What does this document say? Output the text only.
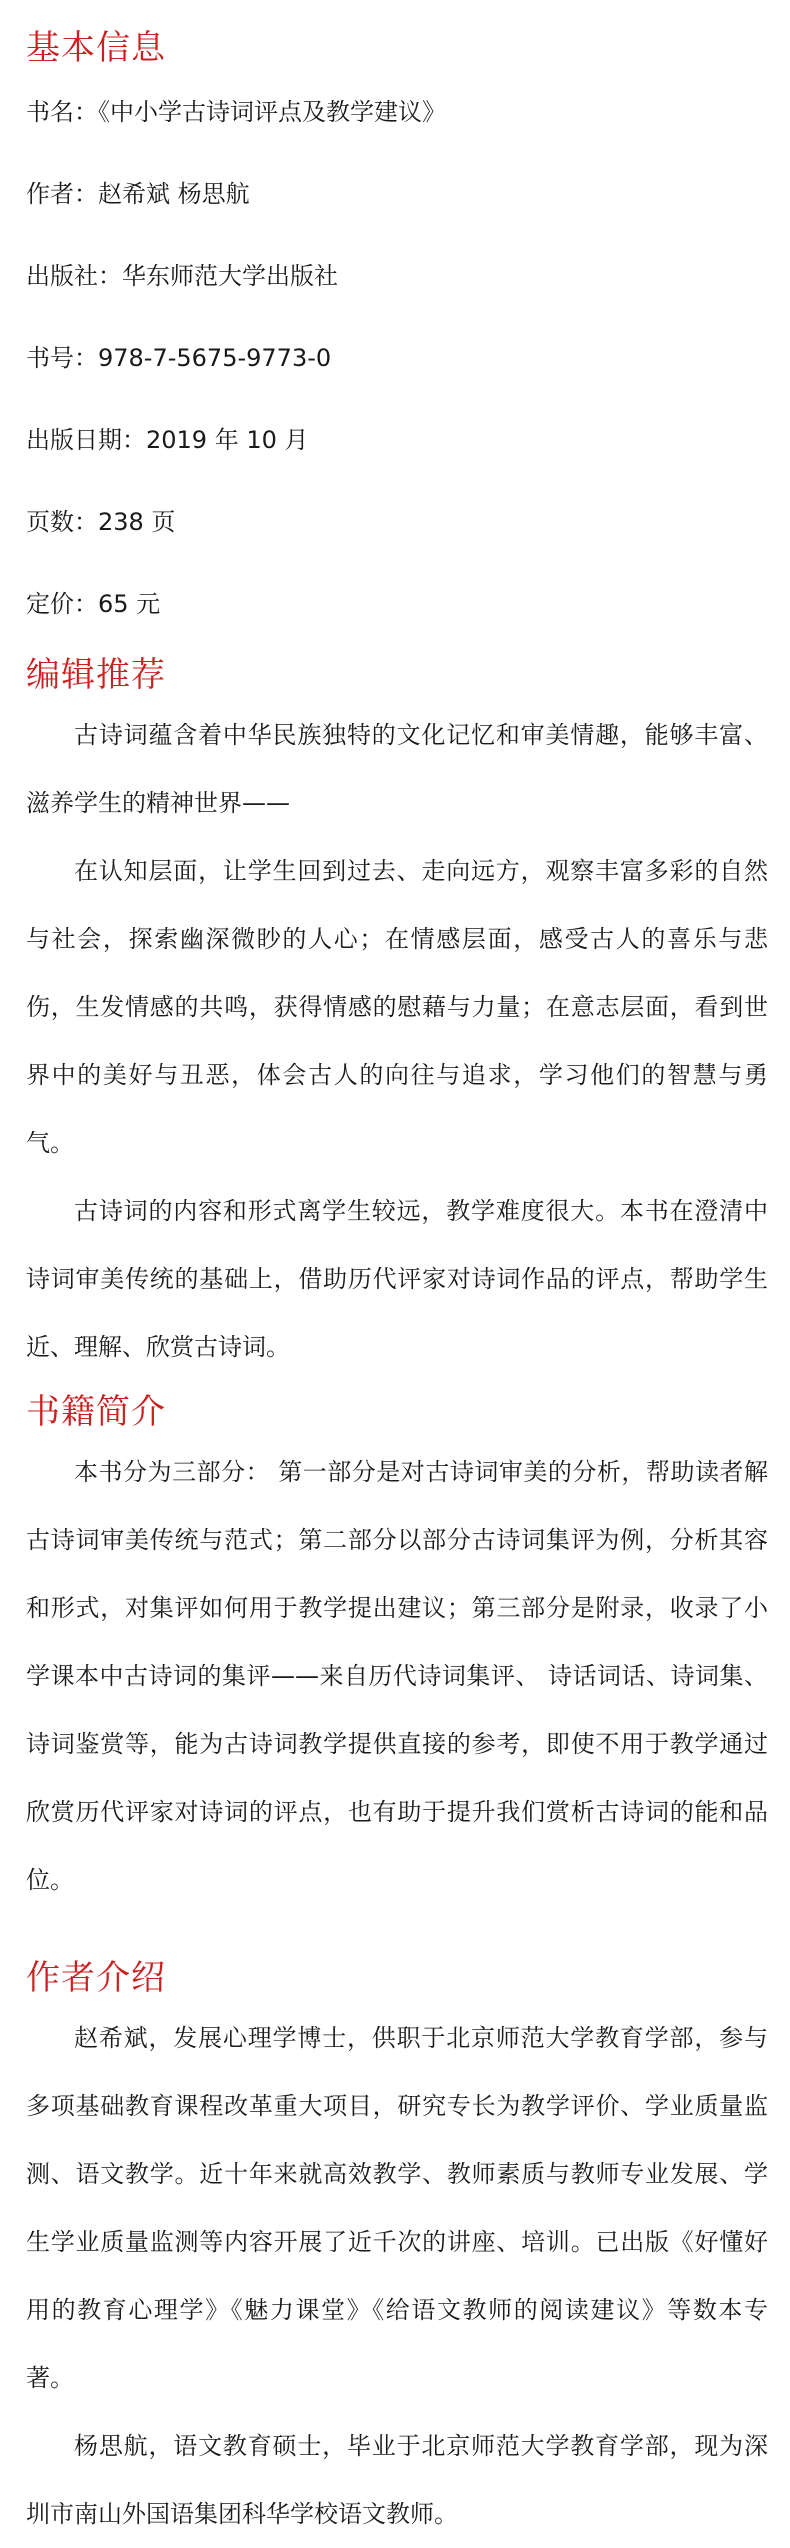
基本信息

书名：《中小学古诗词评点及教学建议》

作者：赵希斌 杨思航

出版社：华东师范大学出版社

书号：978-7-5675-9773-0

出版日期：2019 年 10 月

页数：238 页

定价：65 元

编辑推荐

古诗词蕴含着中华民族独特的文化记忆和审美情趣，能够丰富、滋养学生的精神世界——

在认知层面，让学生回到过去、走向远方，观察丰富多彩的自然与社会，探索幽深微眇的人心；在情感层面，感受古人的喜乐与悲伤，生发情感的共鸣，获得情感的慰藉与力量；在意志层面，看到世界中的美好与丑恶，体会古人的向往与追求，学习他们的智慧与勇气。

古诗词的内容和形式离学生较远，教学难度很大。本书在澄清中诗词审美传统的基础上，借助历代评家对诗词作品的评点，帮助学生近、理解、欣赏古诗词。

书籍简介

本书分为三部分： 第一部分是对古诗词审美的分析，帮助读者解古诗词审美传统与范式；第二部分以部分古诗词集评为例，分析其容和形式，对集评如何用于教学提出建议；第三部分是附录，收录了小学课本中古诗词的集评——来自历代诗词集评、 诗话词话、诗词集、诗词鉴赏等，能为古诗词教学提供直接的参考，即使不用于教学通过欣赏历代评家对诗词的评点，也有助于提升我们赏析古诗词的能和品位。

作者介绍

赵希斌，发展心理学博士，供职于北京师范大学教育学部，参与多项基础教育课程改革重大项目，研究专长为教学评价、学业质量监测、语文教学。近十年来就高效教学、教师素质与教师专业发展、学生学业质量监测等内容开展了近千次的讲座、培训。已出版《好懂好用的教育心理学》《魅力课堂》《给语文教师的阅读建议》等数本专著。

杨思航，语文教育硕士，毕业于北京师范大学教育学部，现为深圳市南山外国语集团科华学校语文教师。
